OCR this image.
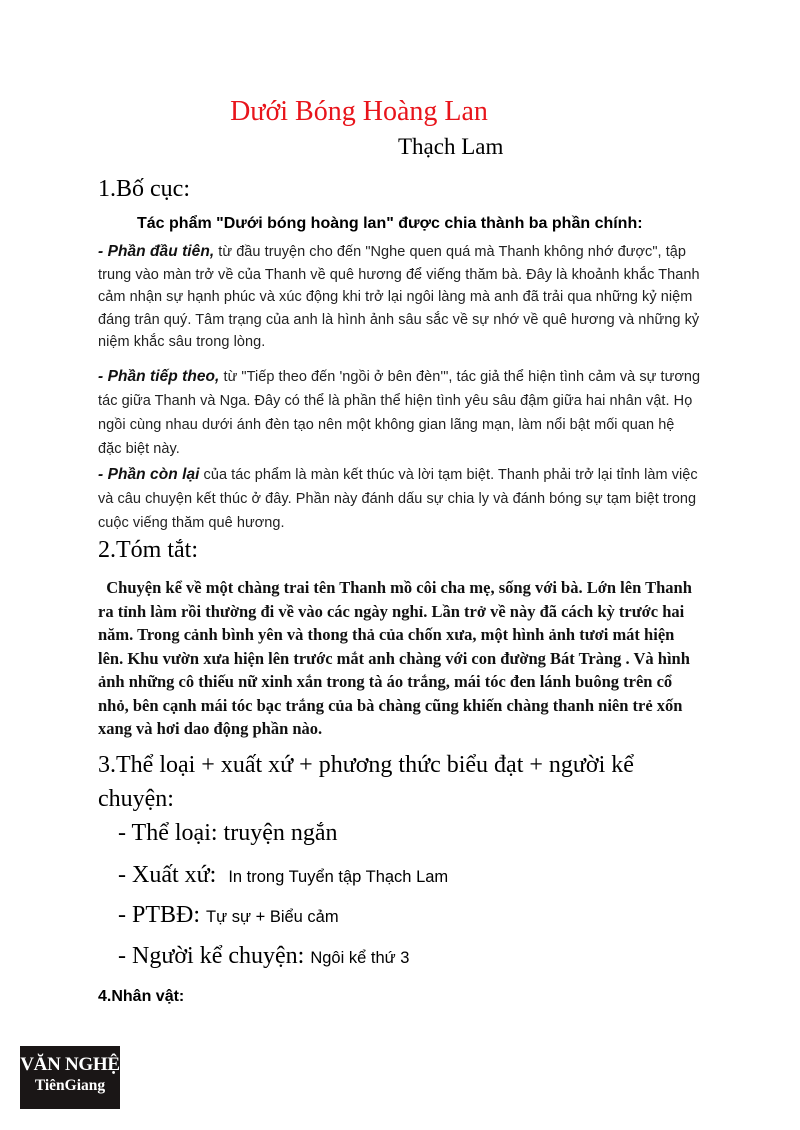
Dưới Bóng Hoàng Lan
Thạch Lam
1.Bố cục:
Tác phẩm "Dưới bóng hoàng lan" được chia thành ba phần chính:

- Phần đầu tiên, từ đầu truyện cho đến "Nghe quen quá mà Thanh không nhớ được", tập trung vào màn trở về của Thanh về quê hương để viếng thăm bà. Đây là khoảnh khắc Thanh cảm nhận sự hạnh phúc và xúc động khi trở lại ngôi làng mà anh đã trải qua những kỷ niệm đáng trân quý. Tâm trạng của anh là hình ảnh sâu sắc về sự nhớ về quê hương và những kỷ niệm khắc sâu trong lòng.

- Phần tiếp theo, từ "Tiếp theo đến 'ngồi ở bên đèn'", tác giả thể hiện tình cảm và sự tương tác giữa Thanh và Nga. Đây có thể là phần thể hiện tình yêu sâu đậm giữa hai nhân vật. Họ ngồi cùng nhau dưới ánh đèn tạo nên một không gian lãng mạn, làm nổi bật mối quan hệ đặc biệt này.

- Phần còn lại của tác phẩm là màn kết thúc và lời tạm biệt. Thanh phải trở lại tỉnh làm việc và câu chuyện kết thúc ở đây. Phần này đánh dấu sự chia ly và đánh bóng sự tạm biệt trong cuộc viếng thăm quê hương.

2.Tóm tắt:

Chuyện kể về một chàng trai tên Thanh mồ côi cha mẹ, sống với bà. Lớn lên Thanh ra tỉnh làm rồi thường đi về vào các ngày nghỉ. Lần trở về này đã cách kỳ trước hai năm. Trong cảnh bình yên và thong thả của chốn xưa, một hình ảnh tươi mát hiện lên. Khu vườn xưa hiện lên trước mắt anh chàng với con đường Bát Tràng . Và hình ảnh những cô thiếu nữ xinh xắn trong tà áo trắng, mái tóc đen lánh buông trên cổ nhỏ, bên cạnh mái tóc bạc trắng của bà chàng cũng khiến chàng thanh niên trẻ xốn xang và hơi dao động phần nào.

3.Thể loại + xuất xứ + phương thức biểu đạt + người kể chuyện:
- Thể loại: truyện ngắn
- Xuất xứ: In trong Tuyển tập Thạch Lam
- PTBĐ: Tự sự + Biểu cảm
- Người kể chuyện: Ngôi kể thứ 3
4.Nhân vật:
VĂN NGHỆ
TiênGiang
